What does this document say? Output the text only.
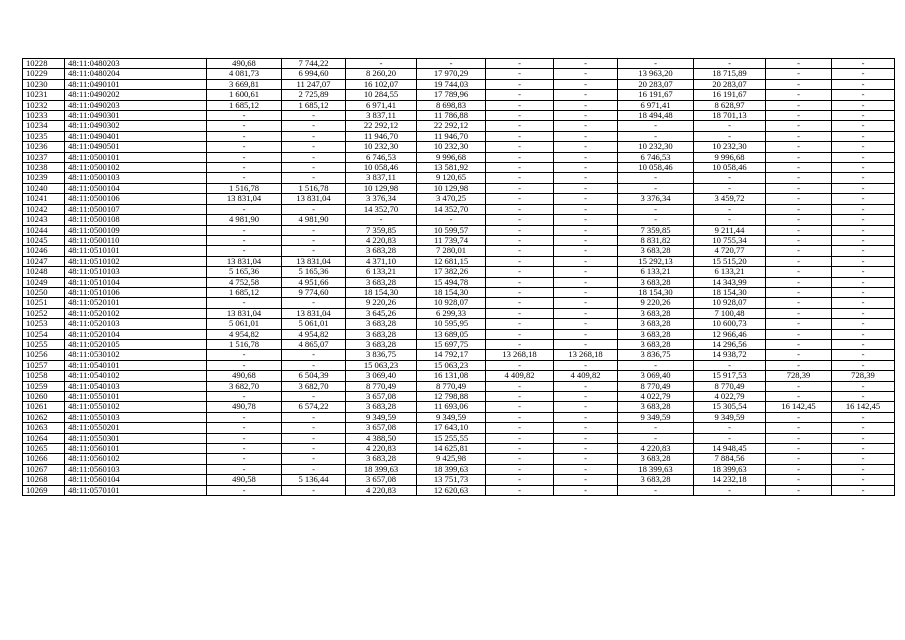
10228	48:11:0480203	490,68	7 744,22	-	-	-	-	-	-	-	-
10229	48:11:0480204	4 081,73	6 994,60	8 260,20	17 970,29	-	-	13 963,20	18 715,89	-	-
10230	48:11:0490101	3 669,81	11 247,07	16 102,07	19 744,03	-	-	20 283,07	20 283,07	-	-
10231	48:11:0490202	1 600,61	2 725,89	10 284,55	17 789,96	-	-	16 191,67	16 191,67	-	-
10232	48:11:0490203	1 685,12	1 685,12	6 971,41	8 698,83	-	-	6 971,41	8 628,97	-	-
10233	48:11:0490301	-	-	3 837,11	11 786,88	-	-	18 494,48	18 701,13	-	-
10234	48:11:0490302	-	-	22 292,12	22 292,12	-	-	-	-	-	-
10235	48:11:0490401	-	-	11 946,70	11 946,70	-	-	-	-	-	-
10236	48:11:0490501	-	-	10 232,30	10 232,30	-	-	10 232,30	10 232,30	-	-
10237	48:11:0500101	-	-	6 746,53	9 996,68	-	-	6 746,53	9 996,68	-	-
10238	48:11:0500102	-	-	10 058,46	13 581,92	-	-	10 058,46	10 058,46	-	-
10239	48:11:0500103	-	-	3 837,11	9 120,65	-	-	-	-	-	-
10240	48:11:0500104	1 516,78	1 516,78	10 129,98	10 129,98	-	-	-	-	-	-
10241	48:11:0500106	13 831,04	13 831,04	3 376,34	3 470,25	-	-	3 376,34	3 459,72	-	-
10242	48:11:0500107	-	-	14 352,70	14 352,70	-	-	-	-	-	-
10243	48:11:0500108	4 981,90	4 981,90	-	-	-	-	-	-	-	-
10244	48:11:0500109	-	-	7 359,85	10 599,57	-	-	7 359,85	9 211,44	-	-
10245	48:11:0500110	-	-	4 220,83	11 739,74	-	-	8 831,82	10 755,34	-	-
10246	48:11:0510101	-	-	3 683,28	7 280,01	-	-	3 683,28	4 720,77	-	-
10247	48:11:0510102	13 831,04	13 831,04	4 371,10	12 681,15	-	-	15 292,13	15 515,20	-	-
10248	48:11:0510103	5 165,36	5 165,36	6 133,21	17 382,26	-	-	6 133,21	6 133,21	-	-
10249	48:11:0510104	4 752,58	4 951,66	3 683,28	15 494,78	-	-	3 683,28	14 343,99	-	-
10250	48:11:0510106	1 685,12	9 774,60	18 154,30	18 154,30	-	-	18 154,30	18 154,30	-	-
10251	48:11:0520101	-	-	9 220,26	10 928,07	-	-	9 220,26	10 928,07	-	-
10252	48:11:0520102	13 831,04	13 831,04	3 645,26	6 299,33	-	-	3 683,28	7 100,48	-	-
10253	48:11:0520103	5 061,01	5 061,01	3 683,28	10 595,95	-	-	3 683,28	10 600,73	-	-
10254	48:11:0520104	4 954,82	4 954,82	3 683,28	13 689,05	-	-	3 683,28	12 966,46	-	-
10255	48:11:0520105	1 516,78	4 865,07	3 683,28	15 697,75	-	-	3 683,28	14 296,56	-	-
10256	48:11:0530102	-	-	3 836,75	14 792,17	13 268,18	13 268,18	3 836,75	14 938,72	-	-
10257	48:11:0540101	-	-	15 063,23	15 063,23	-	-	-	-	-	-
10258	48:11:0540102	490,68	6 504,39	3 069,40	16 131,08	4 409,82	4 409,82	3 069,40	15 917,53	728,39	728,39
10259	48:11:0540103	3 682,70	3 682,70	8 770,49	8 770,49	-	-	8 770,49	8 770,49	-	-
10260	48:11:0550101	-	-	3 657,08	12 798,88	-	-	4 022,79	4 022,79	-	-
10261	48:11:0550102	490,78	6 574,22	3 683,28	11 693,06	-	-	3 683,28	15 305,54	16 142,45	16 142,45
10262	48:11:0550103	-	-	9 349,59	9 349,59	-	-	9 349,59	9 349,59	-	-
10263	48:11:0550201	-	-	3 657,08	17 643,10	-	-	-	-	-	-
10264	48:11:0550301	-	-	4 388,50	15 255,55	-	-	-	-	-	-
10265	48:11:0560101	-	-	4 220,83	14 625,81	-	-	4 220,83	14 948,45	-	-
10266	48:11:0560102	-	-	3 683,28	9 425,98	-	-	3 683,28	7 884,56	-	-
10267	48:11:0560103	-	-	18 399,63	18 399,63	-	-	18 399,63	18 399,63	-	-
10268	48:11:0560104	490,58	5 136,44	3 657,08	13 751,73	-	-	3 683,28	14 232,18	-	-
10269	48:11:0570101	-	-	4 220,83	12 620,63	-	-	-	-	-	-
